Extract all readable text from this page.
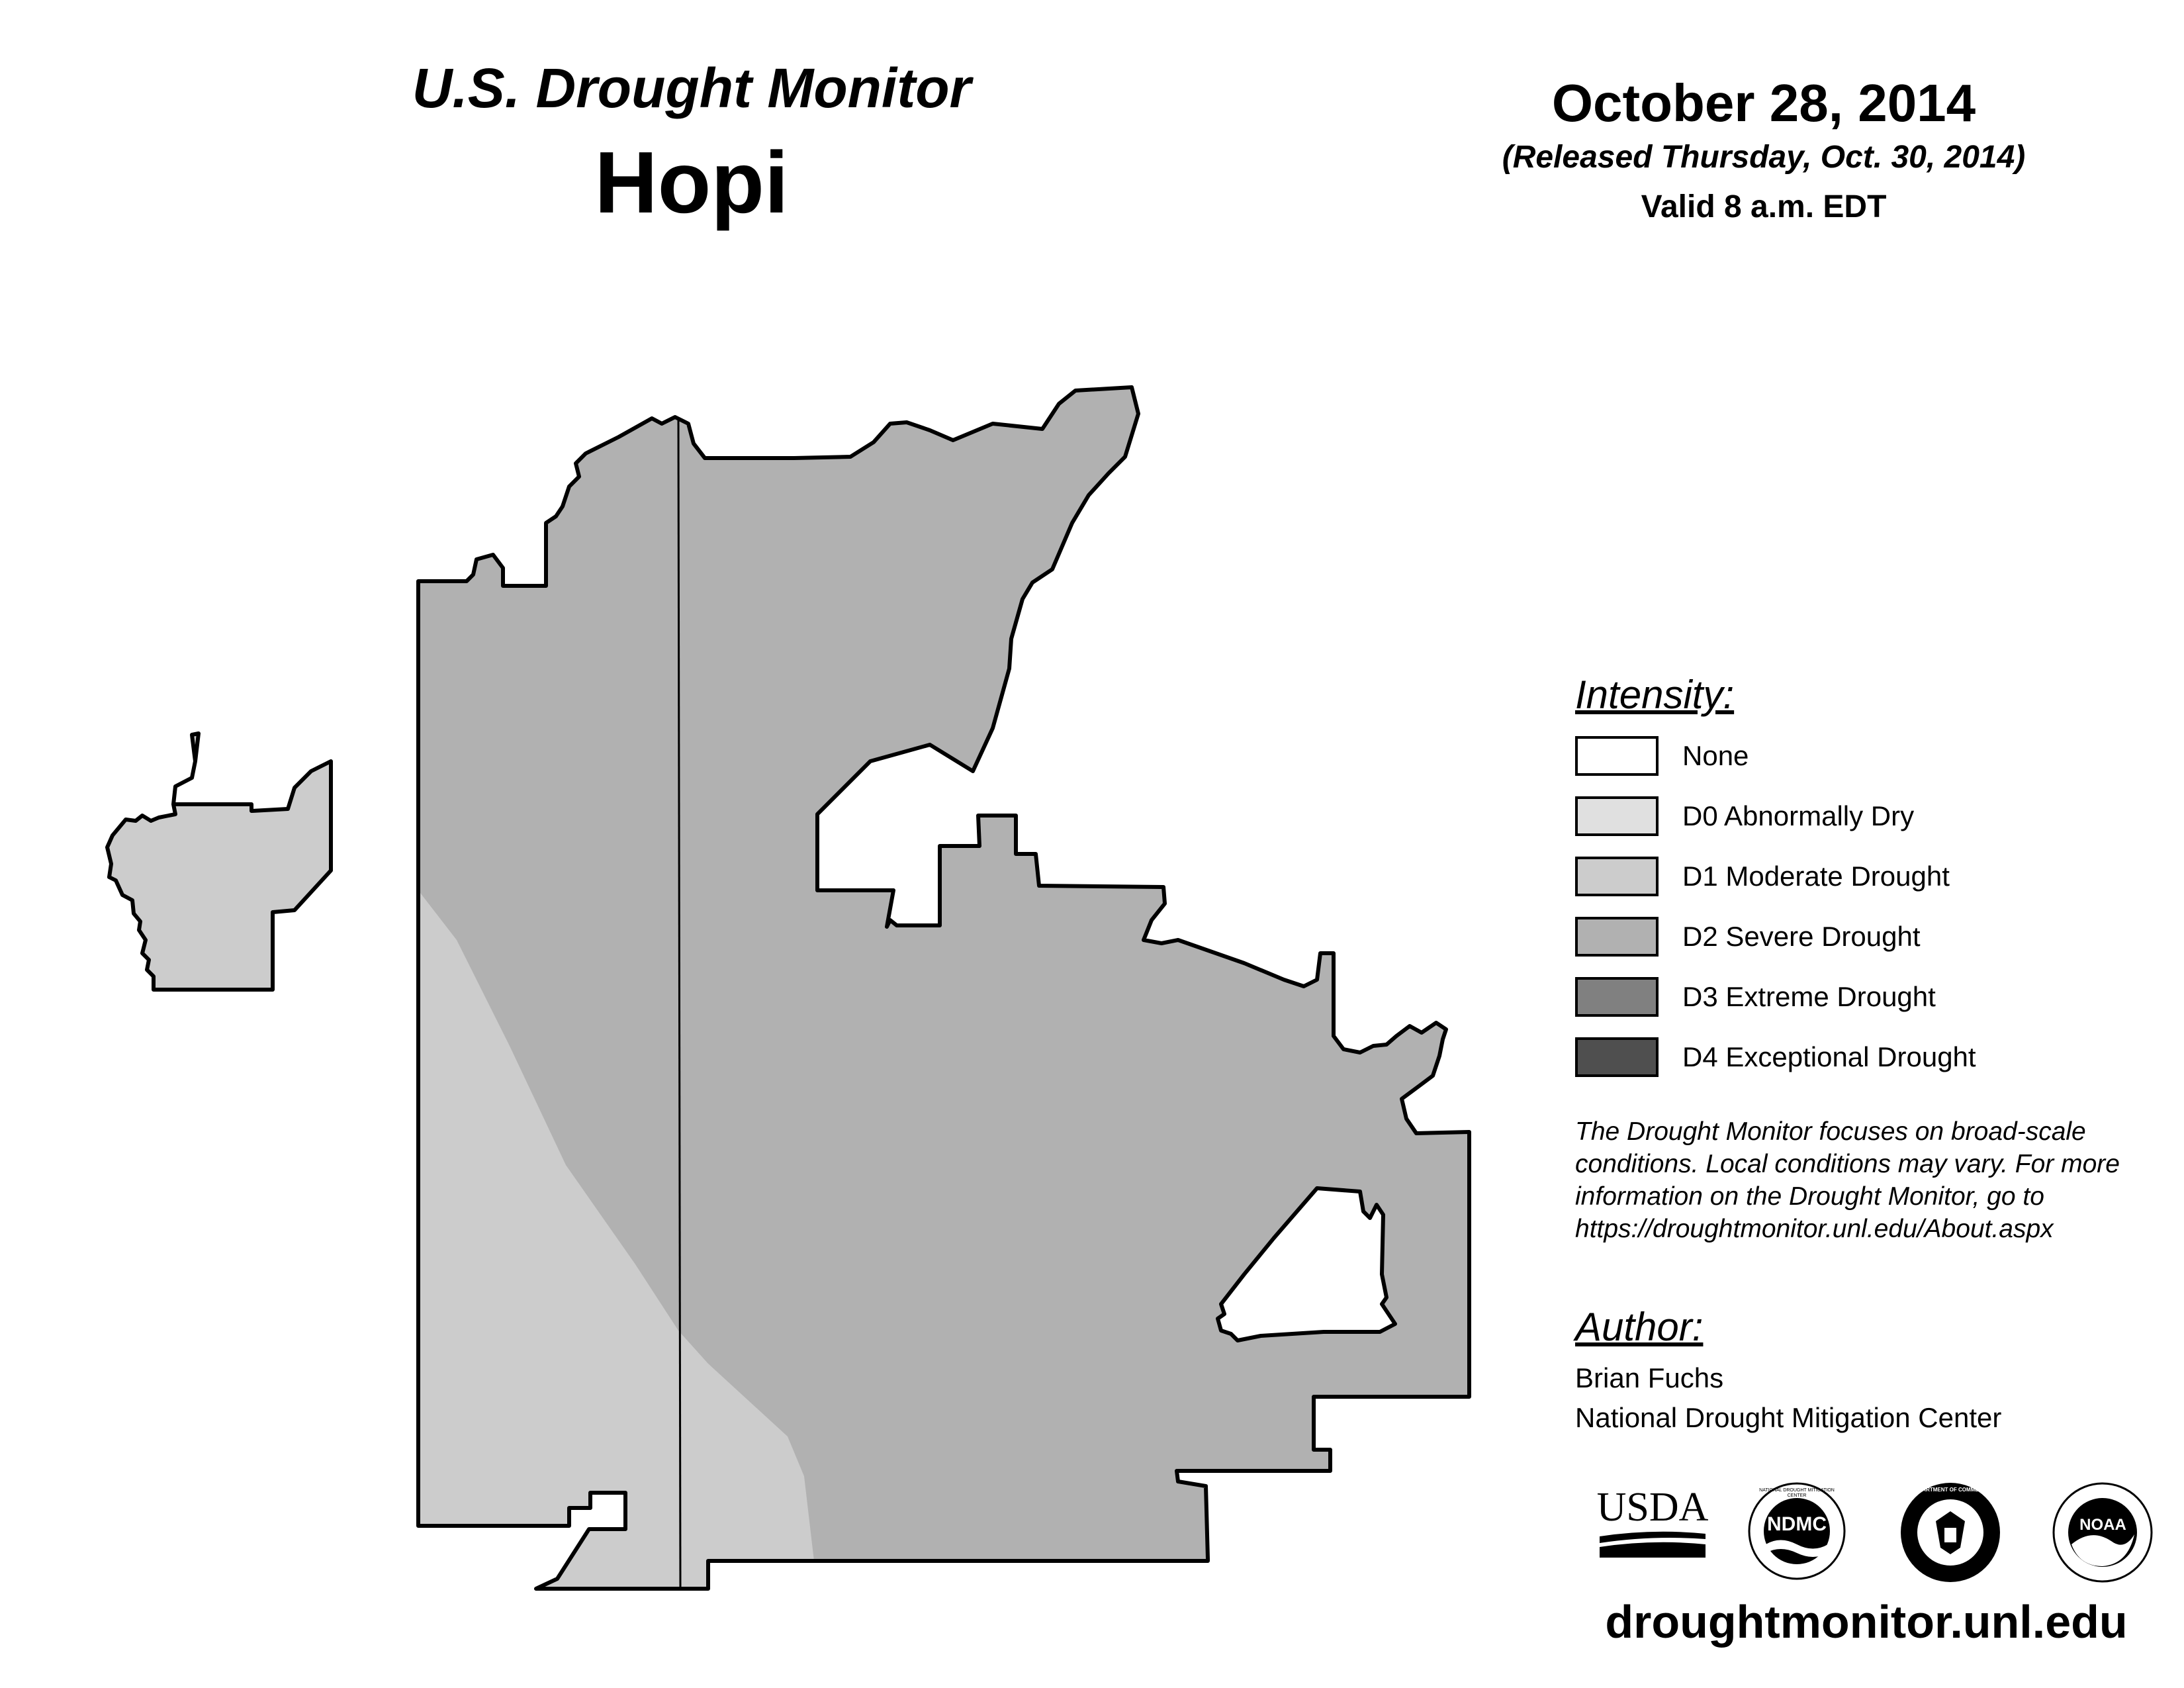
U.S. Drought Monitor
Hopi
October 28, 2014
(Released Thursday, Oct. 30, 2014)
Valid 8 a.m. EDT
Intensity:
None
D0 Abnormally Dry
D1 Moderate Drought
D2 Severe Drought
D3 Extreme Drought
D4 Exceptional Drought
The Drought Monitor focuses on broad-scale conditions. Local conditions may vary. For more information on the Drought Monitor, go to https://droughtmonitor.unl.edu/About.aspx
Author:
Brian Fuchs
National Drought Mitigation Center
USDA	NDMC
NATIONAL DROUGHT MITIGATION CENTER
DEPARTMENT OF COMMERCE
NOAA
droughtmonitor.unl.edu
